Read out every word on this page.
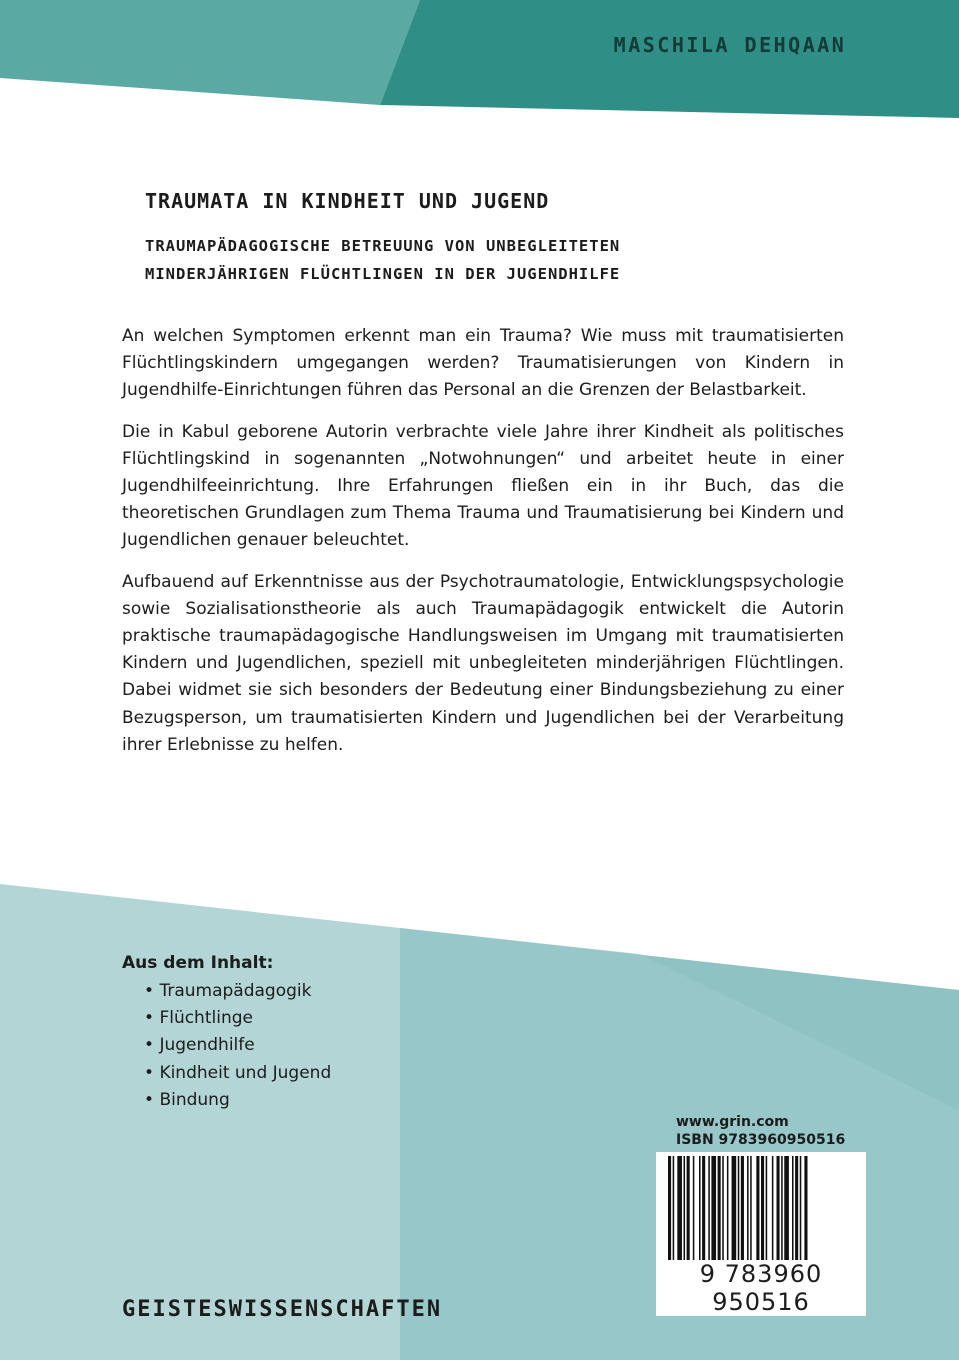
MASCHILA DEHQAAN
TRAUMATA IN KINDHEIT UND JUGEND
TRAUMAPÄDAGOGISCHE BETREUUNG VON UNBEGLEITETEN
MINDERJÄHRIGEN FLÜCHTLINGEN IN DER JUGENDHILFE

An welchen Symptomen erkennt man ein Trauma? Wie muss mit traumatisierten Flüchtlingskindern umgegangen werden? Traumatisierungen von Kindern in Jugendhilfe-Einrichtungen führen das Personal an die Grenzen der Belastbarkeit.

Die in Kabul geborene Autorin verbrachte viele Jahre ihrer Kindheit als politisches Flüchtlingskind in sogenannten „Notwohnungen“ und arbeitet heute in einer Jugendhilfeeinrichtung. Ihre Erfahrungen fließen ein in ihr Buch, das die theoretischen Grundlagen zum Thema Trauma und Traumatisierung bei Kindern und Jugendlichen genauer beleuchtet.

Aufbauend auf Erkenntnisse aus der Psychotraumatologie, Entwicklungspsychologie sowie Sozialisationstheorie als auch Traumapädagogik entwickelt die Autorin praktische traumapädagogische Handlungsweisen im Umgang mit traumatisierten Kindern und Jugendlichen, speziell mit unbegleiteten minderjährigen Flüchtlingen. Dabei widmet sie sich besonders der Bedeutung einer Bindungsbeziehung zu einer Bezugsperson, um traumatisierten Kindern und Jugendlichen bei der Verarbeitung ihrer Erlebnisse zu helfen.

Aus dem Inhalt:
• Traumapädagogik
• Flüchtlinge
• Jugendhilfe
• Kindheit und Jugend
• Bindung
www.grin.com
ISBN 9783960950516
9 783960 950516
GEISTESWISSENSCHAFTEN
